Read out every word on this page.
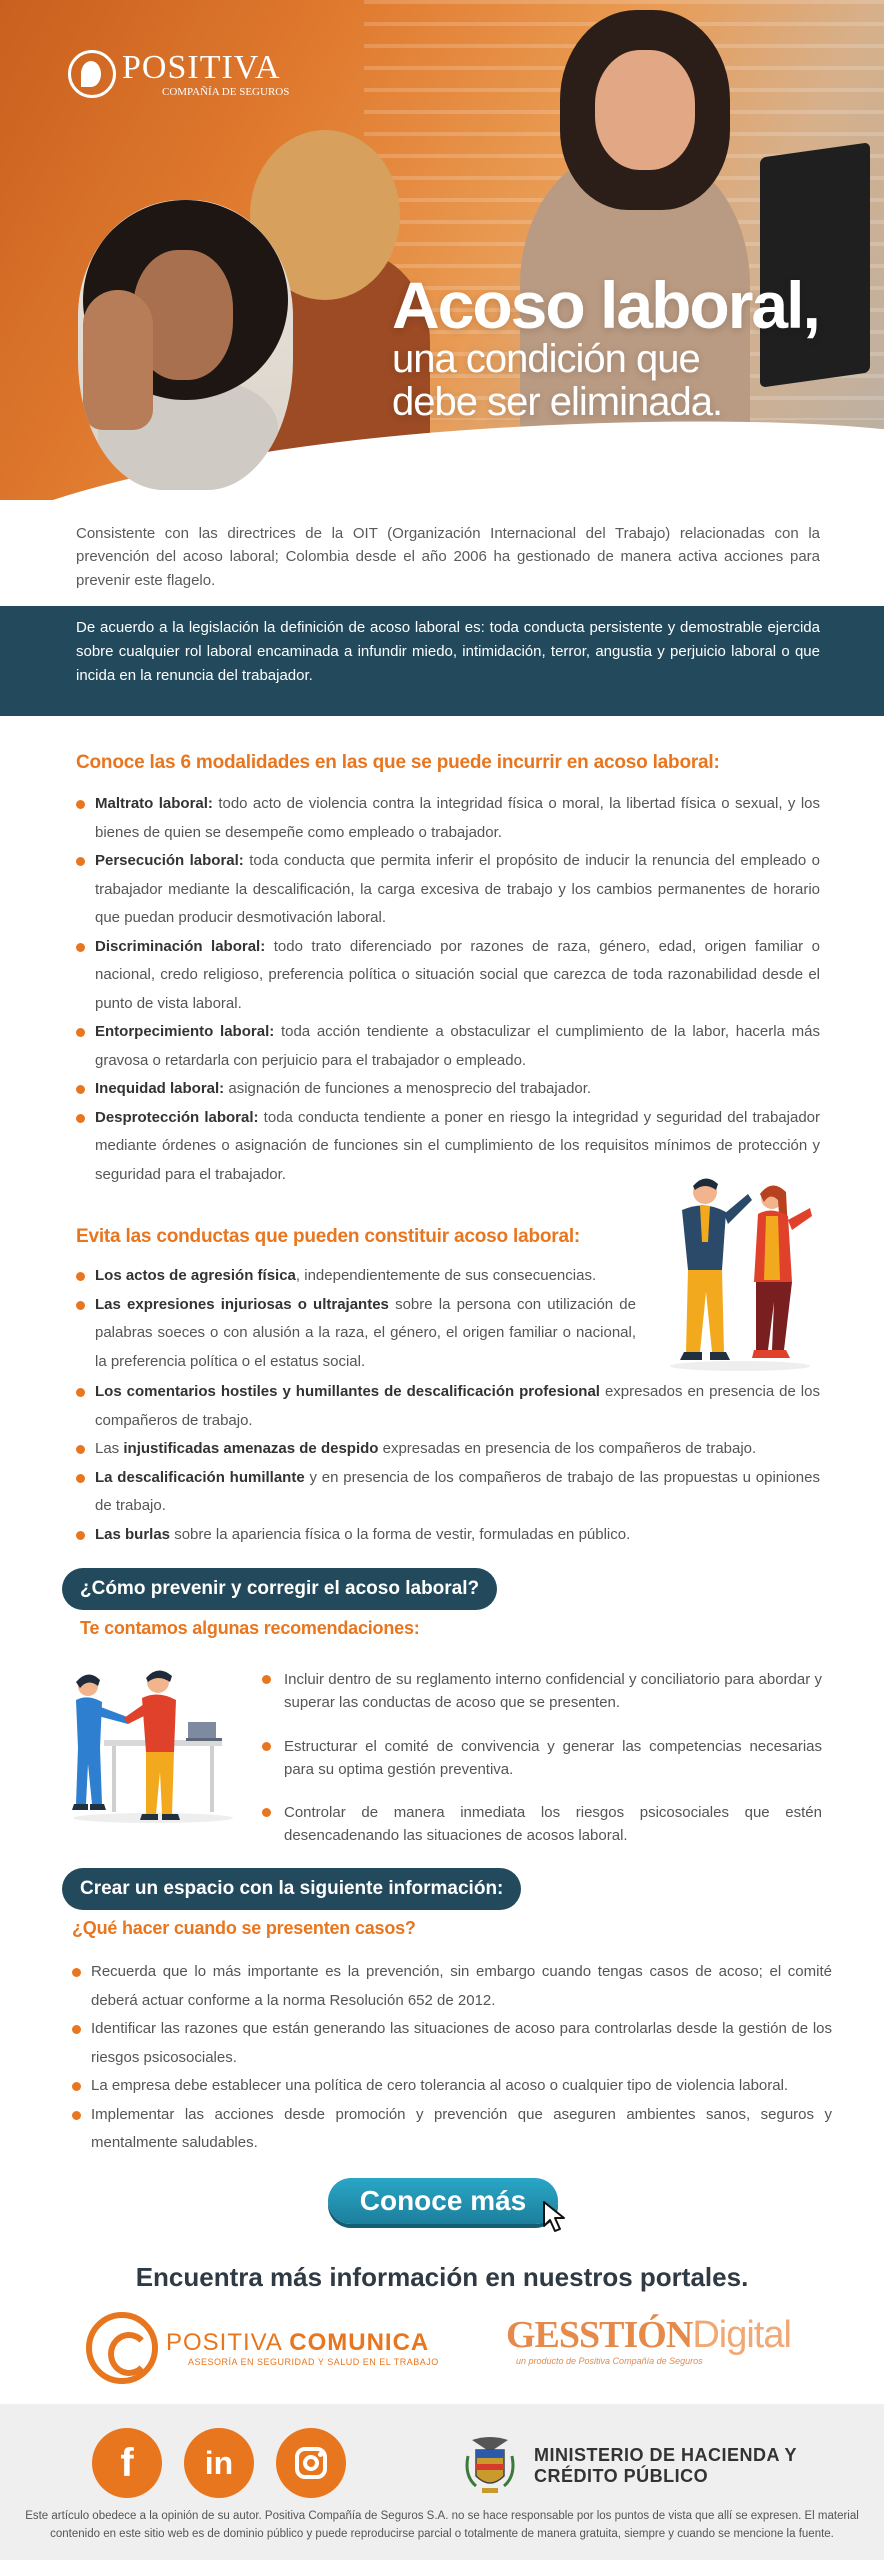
POSITIVA
COMPAÑÍA DE SEGUROS
Acoso laboral,
una condición que
debe ser eliminada.

Consistente con las directrices de la OIT (Organización Internacional del Trabajo) relacionadas con la prevención del acoso laboral; Colombia desde el año 2006 ha gestionado de manera activa acciones para prevenir este flagelo.

De acuerdo a la legislación la definición de acoso laboral es: toda conducta persistente y demostrable ejercida sobre cualquier rol laboral encaminada a infundir miedo, intimidación, terror, angustia y perjuicio laboral o que incida en la renuncia del trabajador.

Conoce las 6 modalidades en las que se puede incurrir en acoso laboral:
Maltrato laboral: todo acto de violencia contra la integridad física o moral, la libertad física o sexual, y los bienes de quien se desempeñe como empleado o trabajador.
Persecución laboral: toda conducta que permita inferir el propósito de inducir la renuncia del empleado o trabajador mediante la descalificación, la carga excesiva de trabajo y los cambios permanentes de horario que puedan producir desmotivación laboral.
Discriminación laboral: todo trato diferenciado por razones de raza, género, edad, origen familiar o nacional, credo religioso, preferencia política o situación social que carezca de toda razonabilidad desde el punto de vista laboral.
Entorpecimiento laboral: toda acción tendiente a obstaculizar el cumplimiento de la labor, hacerla más gravosa o retardarla con perjuicio para el trabajador o empleado.
Inequidad laboral: asignación de funciones a menosprecio del trabajador.
Desprotección laboral: toda conducta tendiente a poner en riesgo la integridad y seguridad del trabajador mediante órdenes o asignación de funciones sin el cumplimiento de los requisitos mínimos de protección y seguridad para el trabajador.
Evita las conductas que pueden constituir acoso laboral:
Los actos de agresión física, independientemente de sus consecuencias.
Las expresiones injuriosas o ultrajantes sobre la persona con utilización de palabras soeces o con alusión a la raza, el género, el origen familiar o nacional, la preferencia política o el estatus social.
Los comentarios hostiles y humillantes de descalificación profesional expresados en presencia de los compañeros de trabajo.
Las injustificadas amenazas de despido expresadas en presencia de los compañeros de trabajo.
La descalificación humillante y en presencia de los compañeros de trabajo de las propuestas u opiniones de trabajo.
Las burlas sobre la apariencia física o la forma de vestir, formuladas en público.
¿Cómo prevenir y corregir el acoso laboral?
Te contamos algunas recomendaciones:
Incluir dentro de su reglamento interno confidencial y conciliatorio para abordar y superar las conductas de acoso que se presenten.
Estructurar el comité de convivencia y generar las competencias necesarias para su optima gestión preventiva.
Controlar de manera inmediata los riesgos psicosociales que estén desencadenando las situaciones de acosos laboral.
Crear un espacio con la siguiente información:
¿Qué hacer cuando se presenten casos?
Recuerda que lo más importante es la prevención, sin embargo cuando tengas casos de acoso; el comité deberá actuar conforme a la norma Resolución 652 de 2012.
Identificar las razones que están generando las situaciones de acoso para controlarlas desde la gestión de los riesgos psicosociales.
La empresa debe establecer una política de cero tolerancia al acoso o cualquier tipo de violencia laboral.
Implementar las acciones desde promoción y prevención que aseguren ambientes sanos, seguros y mentalmente saludables.
Conoce más
Encuentra más información en nuestros portales.
POSITIVA COMUNICA
ASESORÍA EN SEGURIDAD Y SALUD EN EL TRABAJO
GESSTIÓNDigital
un producto de Positiva Compañía de Seguros
f	in	MINISTERIO DE HACIENDA Y
CRÉDITO PÚBLICO

Este artículo obedece a la opinión de su autor. Positiva Compañía de Seguros S.A. no se hace responsable por los puntos de vista que allí se expresen. El material contenido en este sitio web es de dominio público y puede reproducirse parcial o totalmente de manera gratuita, siempre y cuando se mencione la fuente.
